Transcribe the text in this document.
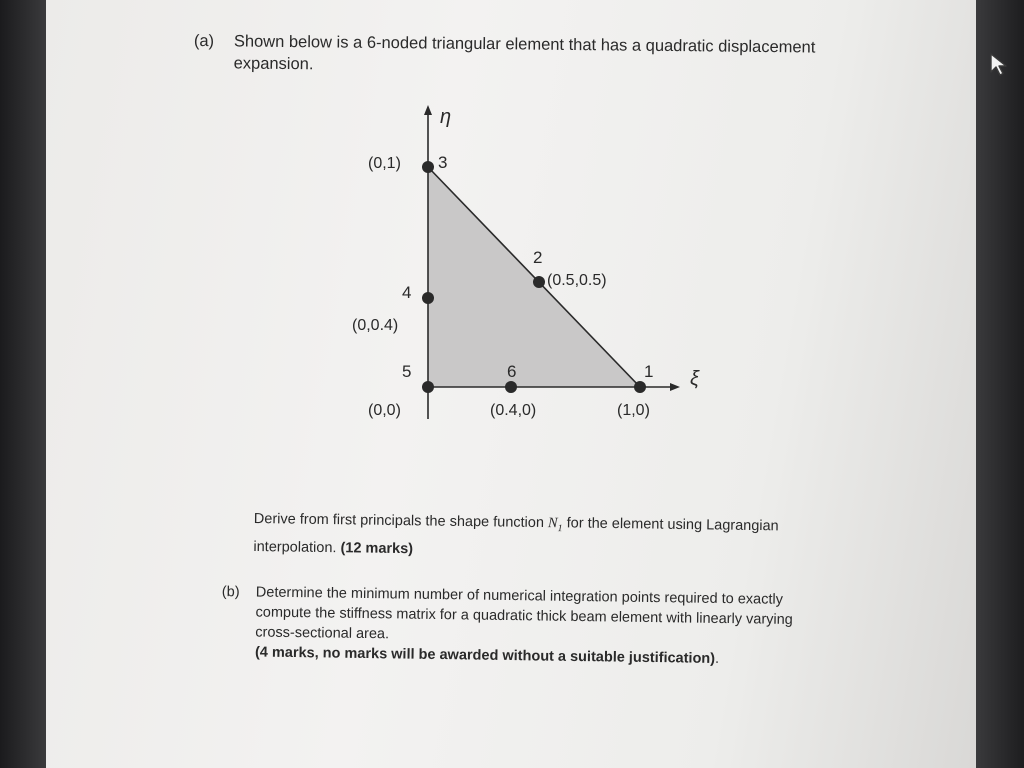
(a) Shown below is a 6-noded triangular element that has a quadratic displacement
expansion.
η
ξ
3
(0,1)
2
(0.5,0.5)
4
(0,0.4)
5
(0,0)
6
(0.4,0)
1
(1,0)
Derive from first principals the shape function $N_1$ for the element using Lagrangian
interpolation. (12 marks)
(b) Determine the minimum number of numerical integration points required to exactly
compute the stiffness matrix for a quadratic thick beam element with linearly varying
cross-sectional area.
(4 marks, no marks will be awarded without a suitable justification).
